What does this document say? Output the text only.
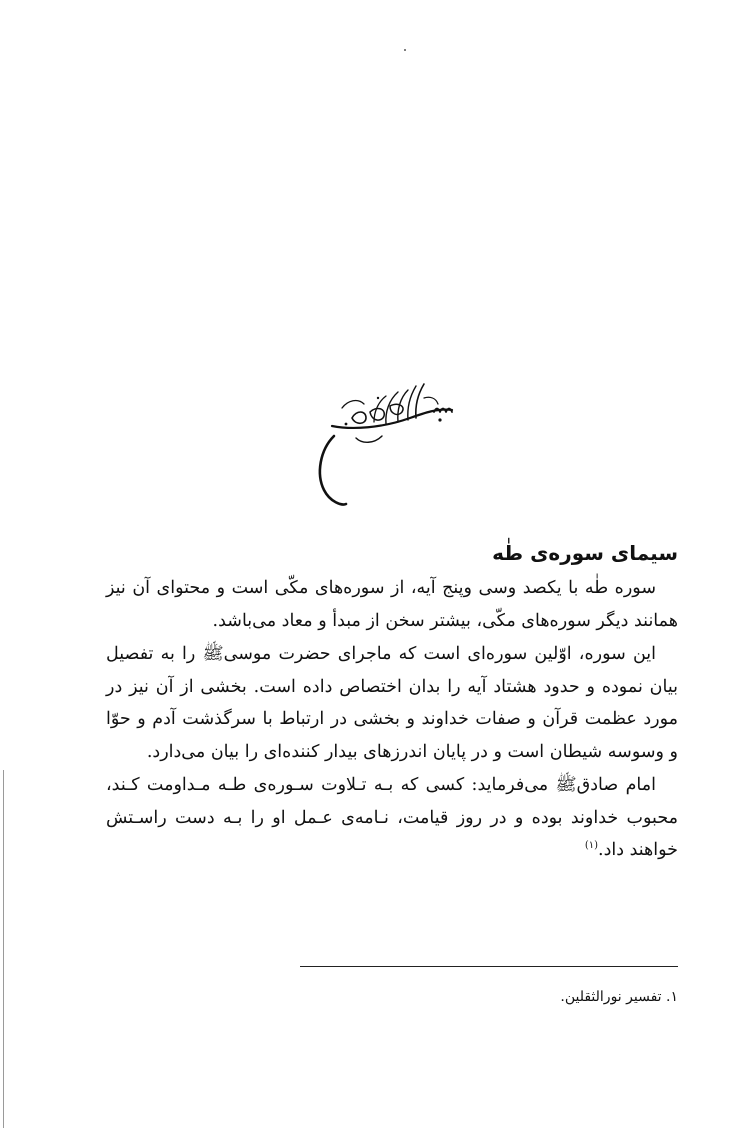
بسم الله الرحمن الرحیم
سیمای سوره‌ی طٰه

سوره طٰه با یکصد وسی وپنج آیه، از سوره‌های مکّی است و محتوای آن نیز همانند دیگر سوره‌های مکّی، بیشتر سخن از مبدأ و معاد می‌باشد.

این سوره، اوّلین سوره‌ای است که ماجرای حضرت موسی‌ﷺ را به تفصیل بیان نموده و حدود هشتاد آیه را بدان اختصاص داده است. بخشی از آن نیز در مورد عظمت قرآن و صفات خداوند و بخشی در ارتباط با سرگذشت آدم و حوّا و وسوسه شیطان است و در پایان اندرزهای بیدار کننده‌ای را بیان می‌دارد.

امام صادق‌ﷺ می‌فرماید: کسی که بـه تـلاوت سـوره‌ی طـه مـداومت کـند، محبوب خداوند بوده و در روز قیامت، نـامه‌ی عـمل او را بـه دست راسـتش خواهند داد.$^{(۱)}$

۱. تفسیر نورالثقلین.
